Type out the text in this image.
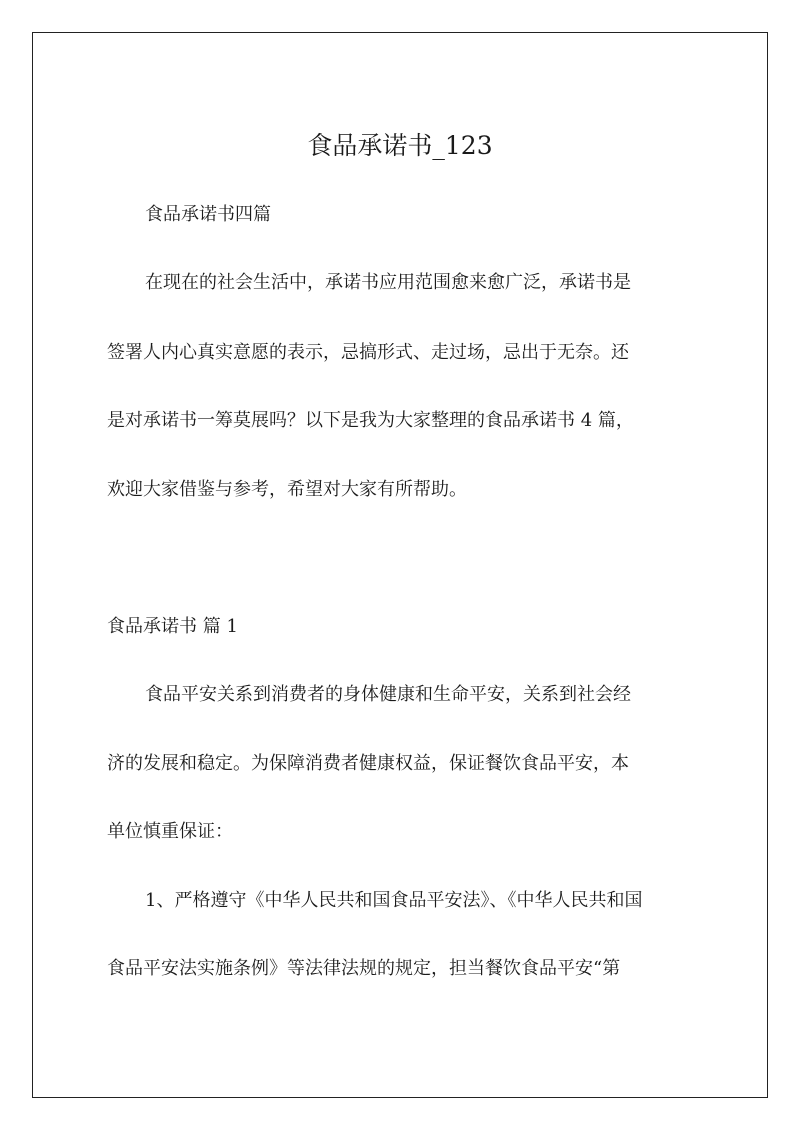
食品承诺书_123

食品承诺书四篇

在现在的社会生活中，承诺书应用范围愈来愈广泛，承诺书是

签署人内心真实意愿的表示，忌搞形式、走过场，忌出于无奈。还

是对承诺书一筹莫展吗？以下是我为大家整理的食品承诺书 4 篇，

欢迎大家借鉴与参考，希望对大家有所帮助。

食品承诺书 篇 1

食品平安关系到消费者的身体健康和生命平安，关系到社会经

济的发展和稳定。为保障消费者健康权益，保证餐饮食品平安，本

单位慎重保证：

1、严格遵守《中华人民共和国食品平安法》、《中华人民共和国

食品平安法实施条例》等法律法规的规定，担当餐饮食品平安“第
